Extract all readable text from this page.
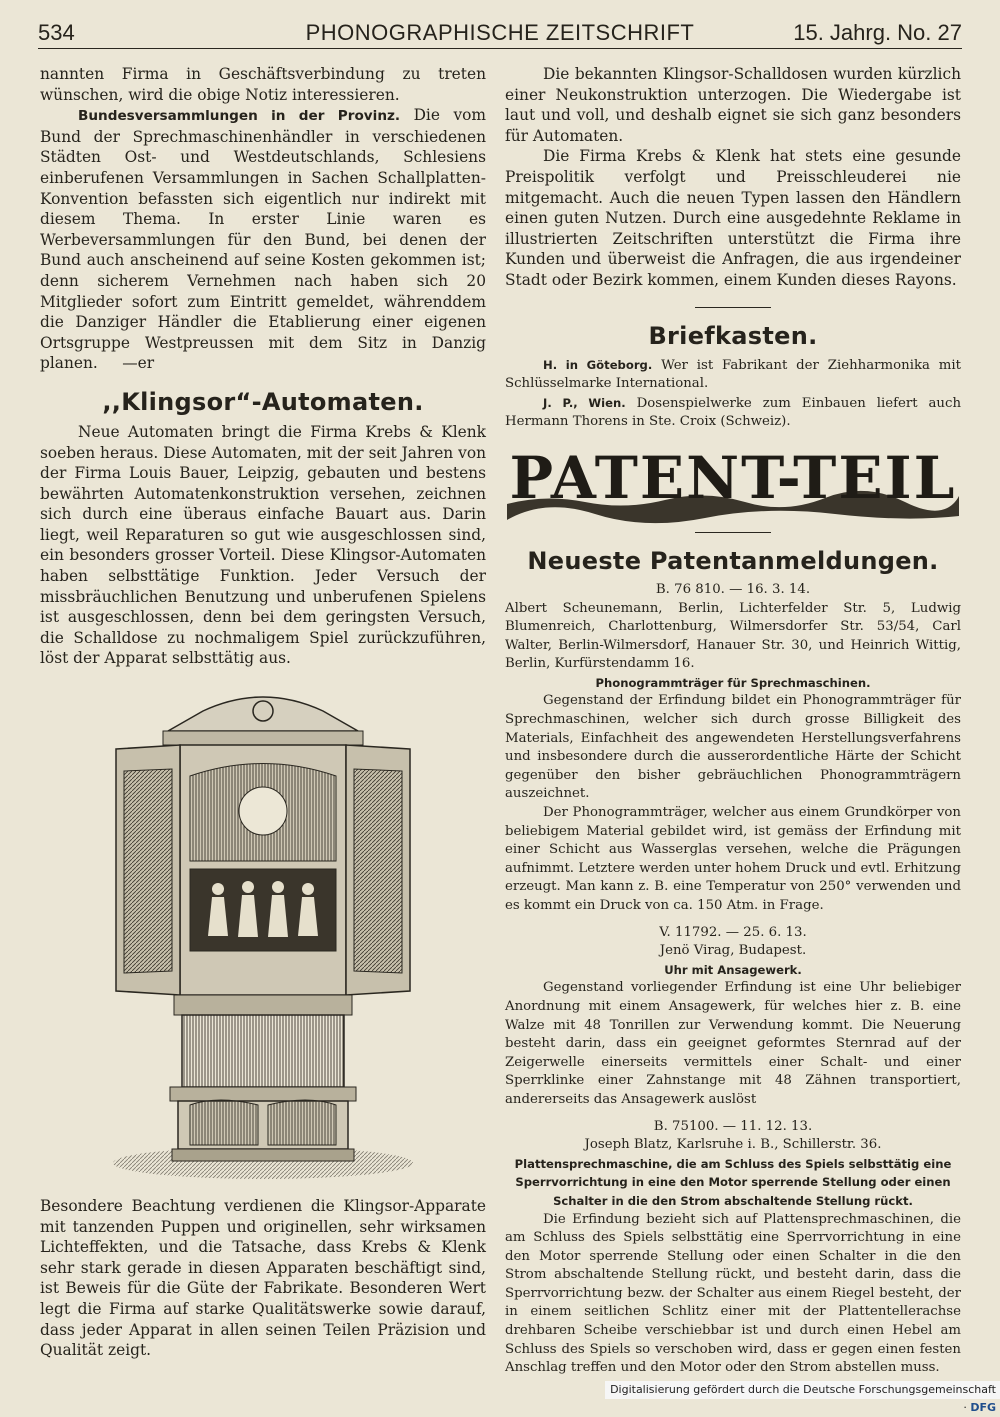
534	PHONOGRAPHISCHE ZEITSCHRIFT	15. Jahrg. No. 27

nannten Firma in Geschäftsverbindung zu treten wünschen, wird die obige Notiz interessieren.

Bundesversammlungen in der Provinz. Die vom Bund der Sprechmaschinenhändler in verschiedenen Städten Ost- und Westdeutschlands, Schlesiens einberufenen Versammlungen in Sachen Schallplatten-Konvention befassten sich eigentlich nur indirekt mit diesem Thema. In erster Linie waren es Werbeversammlungen für den Bund, bei denen der Bund auch anscheinend auf seine Kosten gekommen ist; denn sicherem Vernehmen nach haben sich 20 Mitglieder sofort zum Eintritt gemeldet, währenddem die Danziger Händler die Etablierung einer eigenen Ortsgruppe Westpreussen mit dem Sitz in Danzig planen. —er

,,Klingsor“-Automaten.

Neue Automaten bringt die Firma Krebs & Klenk soeben heraus. Diese Automaten, mit der seit Jahren von der Firma Louis Bauer, Leipzig, gebauten und bestens bewährten Automatenkonstruktion versehen, zeichnen sich durch eine überaus einfache Bauart aus. Darin liegt, weil Reparaturen so gut wie ausgeschlossen sind, ein besonders grosser Vorteil. Diese Klingsor-Automaten haben selbsttätige Funktion. Jeder Versuch der missbräuchlichen Benutzung und unberufenen Spielens ist ausgeschlossen, denn bei dem geringsten Versuch, die Schalldose zu nochmaligem Spiel zurückzuführen, löst der Apparat selbsttätig aus.

Besondere Beachtung verdienen die Klingsor-Apparate mit tanzenden Puppen und originellen, sehr wirksamen Lichteffekten, und die Tatsache, dass Krebs & Klenk sehr stark gerade in diesen Apparaten beschäftigt sind, ist Beweis für die Güte der Fabrikate. Besonderen Wert legt die Firma auf starke Qualitätswerke sowie darauf, dass jeder Apparat in allen seinen Teilen Präzision und Qualität zeigt.

Die bekannten Klingsor-Schalldosen wurden kürzlich einer Neukonstruktion unterzogen. Die Wiedergabe ist laut und voll, und deshalb eignet sie sich ganz besonders für Automaten.

Die Firma Krebs & Klenk hat stets eine gesunde Preispolitik verfolgt und Preisschleuderei nie mitgemacht. Auch die neuen Typen lassen den Händlern einen guten Nutzen. Durch eine ausgedehnte Reklame in illustrierten Zeitschriften unterstützt die Firma ihre Kunden und überweist die Anfragen, die aus irgendeiner Stadt oder Bezirk kommen, einem Kunden dieses Rayons.

Briefkasten.

H. in Göteborg. Wer ist Fabrikant der Ziehharmonika mit Schlüsselmarke International.

J. P., Wien. Dosenspielwerke zum Einbauen liefert auch Hermann Thorens in Ste. Croix (Schweiz).

PATENT-TEIL
Neueste Patentanmeldungen.

B. 76 810. — 16. 3. 14.

Albert Scheunemann, Berlin, Lichterfelder Str. 5, Ludwig Blumenreich, Charlottenburg, Wilmersdorfer Str. 53/54, Carl Walter, Berlin-Wilmersdorf, Hanauer Str. 30, und Heinrich Wittig, Berlin, Kurfürstendamm 16.

Phonogrammträger für Sprechmaschinen.

Gegenstand der Erfindung bildet ein Phonogrammträger für Sprechmaschinen, welcher sich durch grosse Billigkeit des Materials, Einfachheit des angewendeten Herstellungsverfahrens und insbesondere durch die ausserordentliche Härte der Schicht gegenüber den bisher gebräuchlichen Phonogrammträgern auszeichnet.

Der Phonogrammträger, welcher aus einem Grundkörper von beliebigem Material gebildet wird, ist gemäss der Erfindung mit einer Schicht aus Wasserglas versehen, welche die Prägungen aufnimmt. Letztere werden unter hohem Druck und evtl. Erhitzung erzeugt. Man kann z. B. eine Temperatur von 250° verwenden und es kommt ein Druck von ca. 150 Atm. in Frage.

V. 11792. — 25. 6. 13.

Jenö Virag, Budapest.

Uhr mit Ansagewerk.

Gegenstand vorliegender Erfindung ist eine Uhr beliebiger Anordnung mit einem Ansagewerk, für welches hier z. B. eine Walze mit 48 Tonrillen zur Verwendung kommt. Die Neuerung besteht darin, dass ein geeignet geformtes Sternrad auf der Zeigerwelle einerseits vermittels einer Schalt- und einer Sperrklinke einer Zahnstange mit 48 Zähnen transportiert, andererseits das Ansagewerk auslöst

B. 75100. — 11. 12. 13.

Joseph Blatz, Karlsruhe i. B., Schillerstr. 36.

Plattensprechmaschine, die am Schluss des Spiels selbsttätig eine Sperrvorrichtung in eine den Motor sperrende Stellung oder einen Schalter in die den Strom abschaltende Stellung rückt.

Die Erfindung bezieht sich auf Plattensprechmaschinen, die am Schluss des Spiels selbsttätig eine Sperrvorrichtung in eine den Motor sperrende Stellung oder einen Schalter in die den Strom abschaltende Stellung rückt, und besteht darin, dass die Sperrvorrichtung bezw. der Schalter aus einem Riegel besteht, der in einem seitlichen Schlitz einer mit der Plattentellerachse drehbaren Scheibe verschiebbar ist und durch einen Hebel am Schluss des Spiels so verschoben wird, dass er gegen einen festen Anschlag treffen und den Motor oder den Strom abstellen muss.

Digitalisierung gefördert durch die Deutsche Forschungsgemeinschaft · DFG
